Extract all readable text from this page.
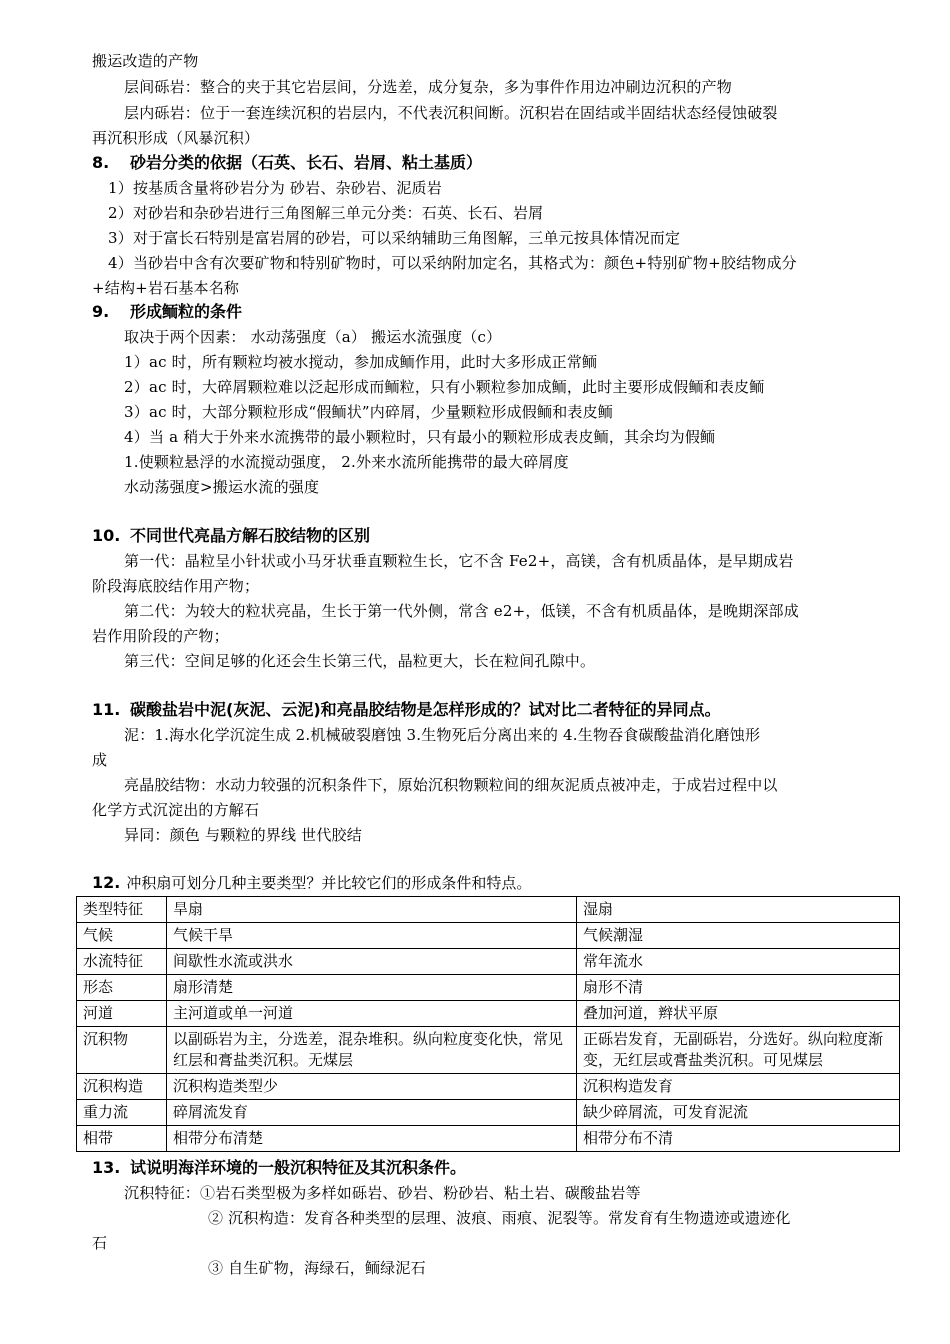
搬运改造的产物
层间砾岩：整合的夹于其它岩层间，分选差，成分复杂，多为事件作用边冲刷边沉积的产物
层内砾岩：位于一套连续沉积的岩层内，不代表沉积间断。沉积岩在固结或半固结状态经侵蚀破裂
再沉积形成（风暴沉积）
8. 砂岩分类的依据（石英、长石、岩屑、粘土基质）
1）按基质含量将砂岩分为 砂岩、杂砂岩、泥质岩
2）对砂岩和杂砂岩进行三角图解三单元分类：石英、长石、岩屑
3）对于富长石特别是富岩屑的砂岩，可以采纳辅助三角图解，三单元按具体情况而定
4）当砂岩中含有次要矿物和特别矿物时，可以采纳附加定名，其格式为：颜色+特别矿物+胶结物成分
+结构+岩石基本名称
9. 形成鲕粒的条件
取决于两个因素： 水动荡强度（a） 搬运水流强度（c）
1）ac 时，所有颗粒均被水搅动，参加成鲕作用，此时大多形成正常鲕
2）ac 时，大碎屑颗粒难以泛起形成而鲕粒，只有小颗粒参加成鲕，此时主要形成假鲕和表皮鲕
3）ac 时，大部分颗粒形成“假鲕状”内碎屑，少量颗粒形成假鲕和表皮鲕
4）当 a 稍大于外来水流携带的最小颗粒时，只有最小的颗粒形成表皮鲕，其余均为假鲕
1.使颗粒悬浮的水流搅动强度， 2.外来水流所能携带的最大碎屑度
水动荡强度>搬运水流的强度
10. 不同世代亮晶方解石胶结物的区别
第一代：晶粒呈小针状或小马牙状垂直颗粒生长，它不含 Fe2+，高镁，含有机质晶体，是早期成岩
阶段海底胶结作用产物；
第二代：为较大的粒状亮晶，生长于第一代外侧，常含 e2+，低镁，不含有机质晶体，是晚期深部成
岩作用阶段的产物；
第三代：空间足够的化还会生长第三代，晶粒更大，长在粒间孔隙中。
11. 碳酸盐岩中泥(灰泥、云泥)和亮晶胶结物是怎样形成的？试对比二者特征的异同点。
泥：1.海水化学沉淀生成 2.机械破裂磨蚀 3.生物死后分离出来的 4.生物吞食碳酸盐消化磨蚀形
成
亮晶胶结物：水动力较强的沉积条件下，原始沉积物颗粒间的细灰泥质点被冲走，于成岩过程中以
化学方式沉淀出的方解石
异同：颜色 与颗粒的界线 世代胶结
12. 冲积扇可划分几种主要类型？并比较它们的形成条件和特点。
类型特征	旱扇	湿扇
气候	气候干旱	气候潮湿
水流特征	间歇性水流或洪水	常年流水
形态	扇形清楚	扇形不清
河道	主河道或单一河道	叠加河道，辫状平原
沉积物	以副砾岩为主，分选差，混杂堆积。纵向粒度变化快，常见红层和膏盐类沉积。无煤层	正砾岩发育，无副砾岩，分选好。纵向粒度渐变，无红层或膏盐类沉积。可见煤层
沉积构造	沉积构造类型少	沉积构造发育
重力流	碎屑流发育	缺少碎屑流，可发育泥流
相带	相带分布清楚	相带分布不清
13. 试说明海洋环境的一般沉积特征及其沉积条件。
沉积特征：①岩石类型极为多样如砾岩、砂岩、粉砂岩、粘土岩、碳酸盐岩等
② 沉积构造：发育各种类型的层理、波痕、雨痕、泥裂等。常发育有生物遗迹或遗迹化
石
③ 自生矿物，海绿石，鲕绿泥石
